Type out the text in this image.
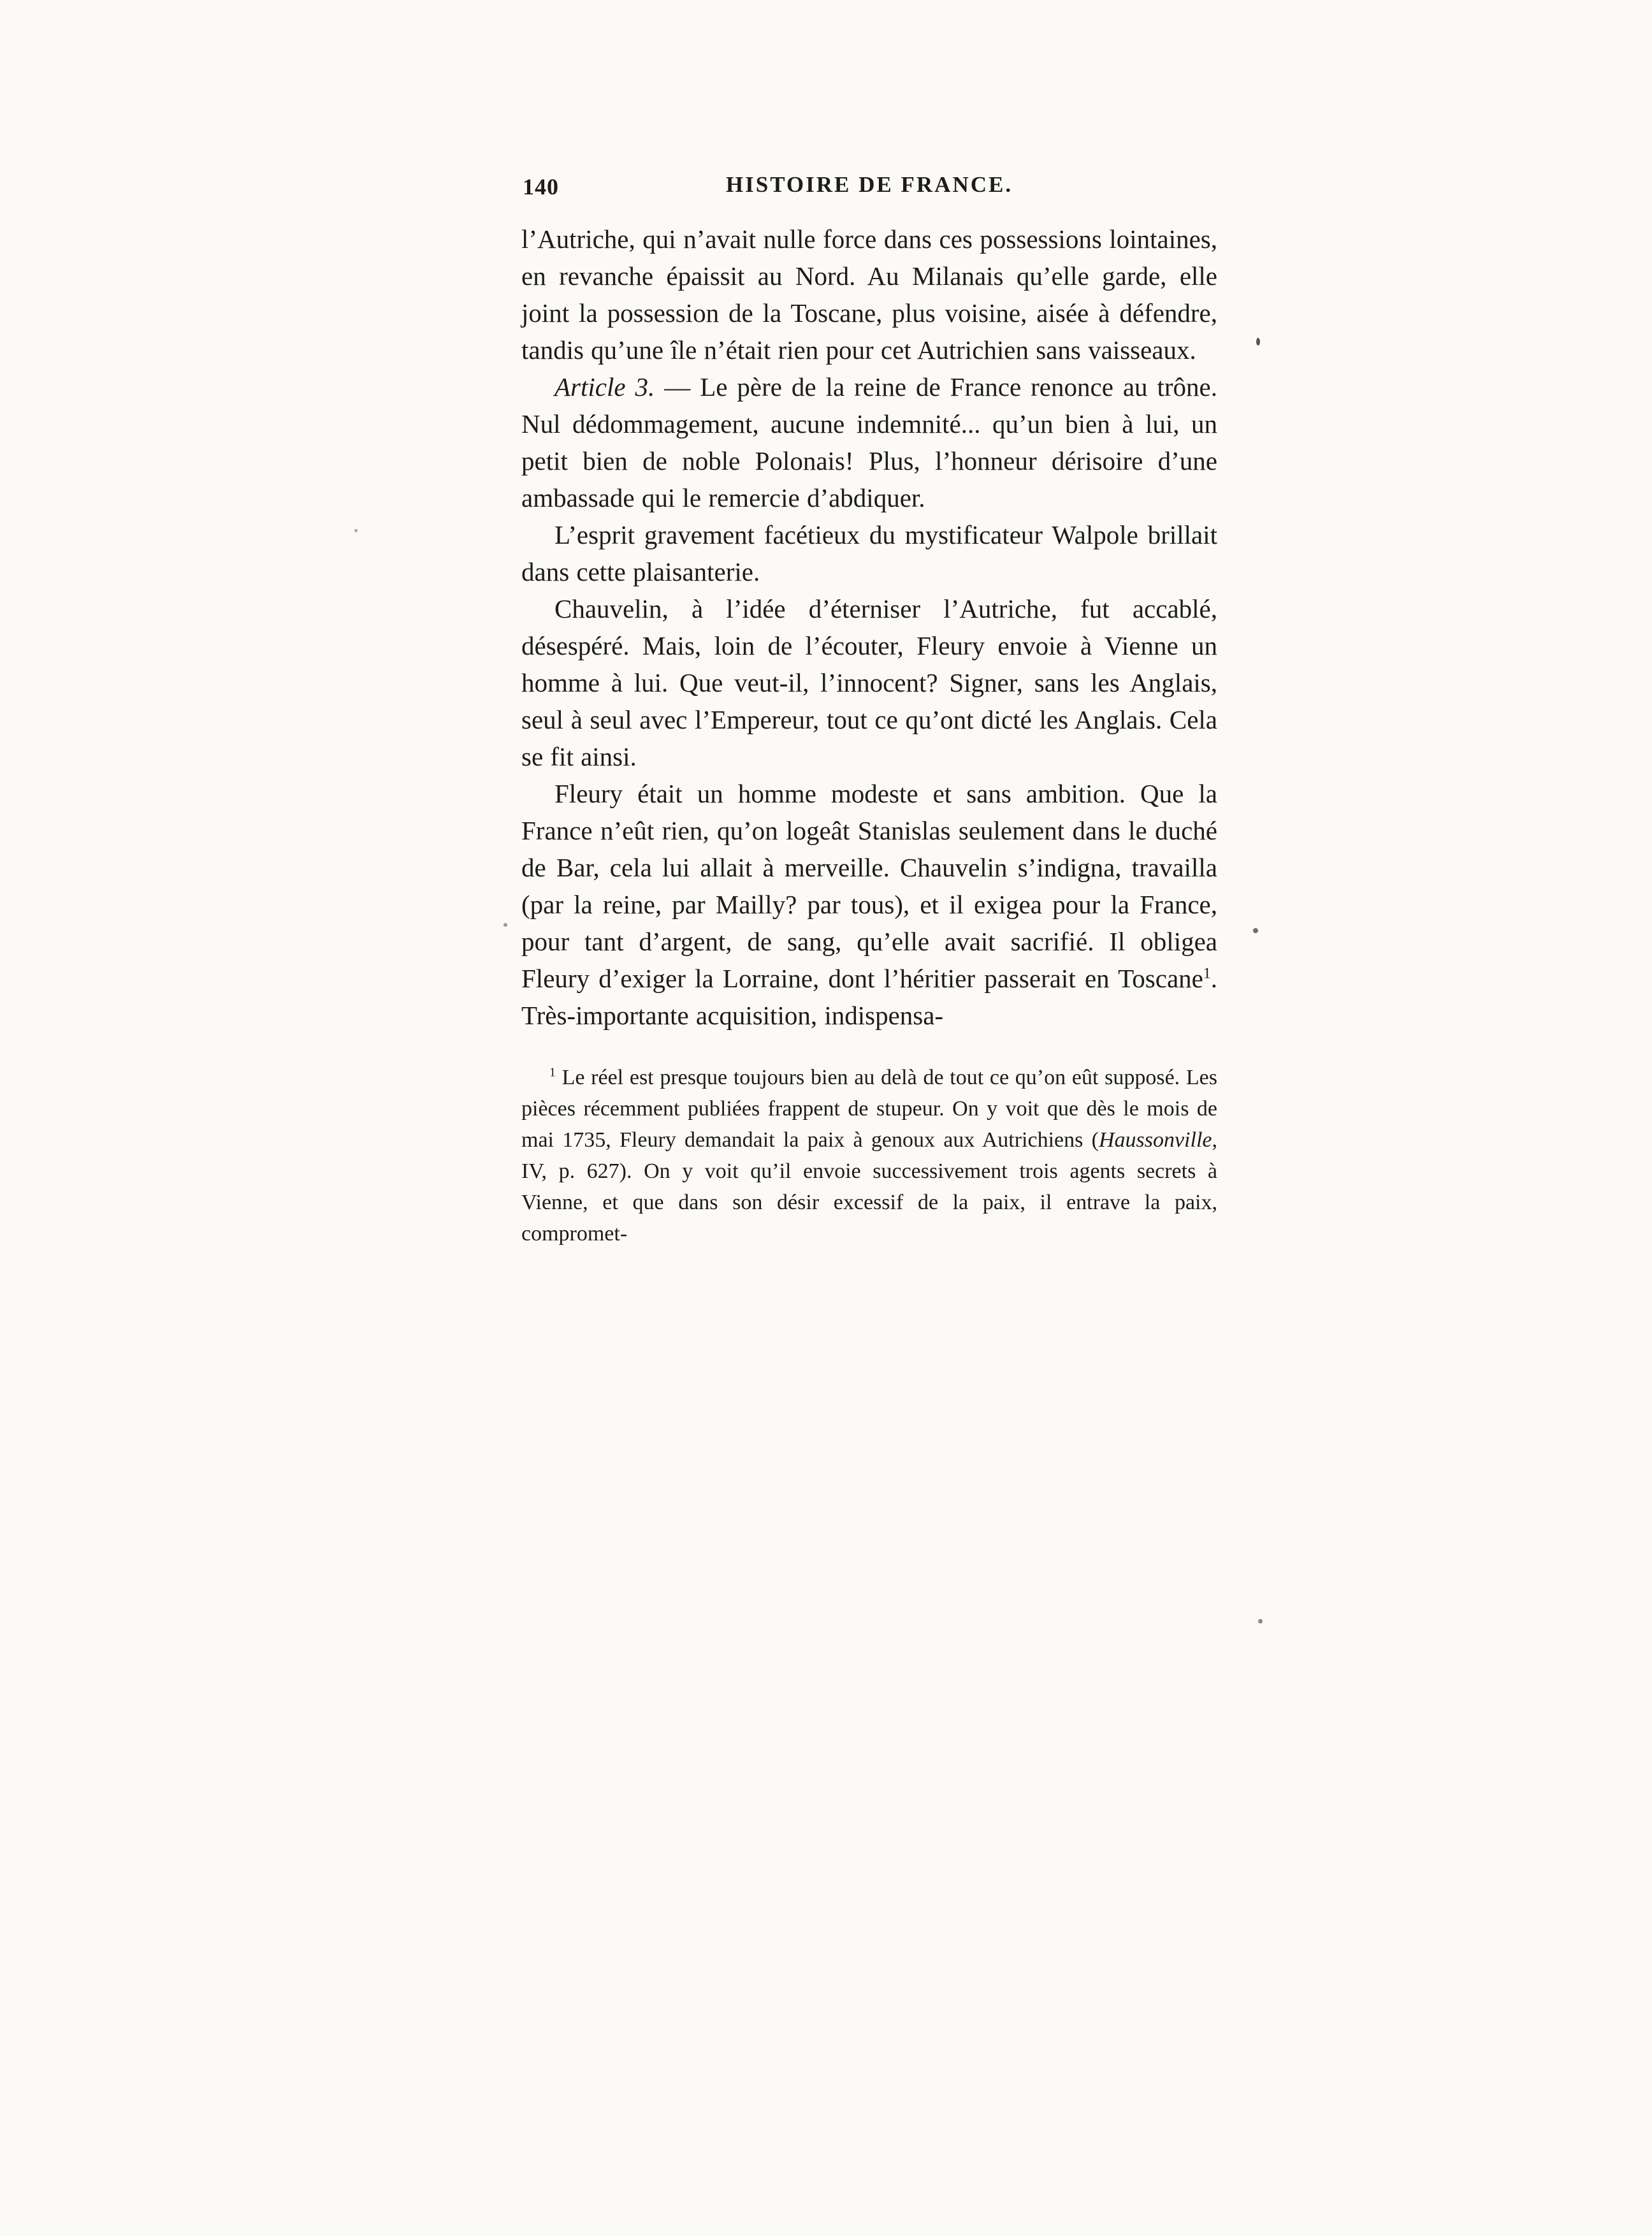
140	HISTOIRE DE FRANCE.

l’Autriche, qui n’avait nulle force dans ces possessions lointaines, en revanche épaissit au Nord. Au Milanais qu’elle garde, elle joint la possession de la Toscane, plus voisine, aisée à défendre, tandis qu’une île n’était rien pour cet Autrichien sans vaisseaux.

Article 3. — Le père de la reine de France renonce au trône. Nul dédommagement, aucune indemnité... qu’un bien à lui, un petit bien de noble Polonais! Plus, l’honneur dérisoire d’une ambassade qui le remercie d’abdiquer.

L’esprit gravement facétieux du mystificateur Walpole brillait dans cette plaisanterie.

Chauvelin, à l’idée d’éterniser l’Autriche, fut accablé, désespéré. Mais, loin de l’écouter, Fleury envoie à Vienne un homme à lui. Que veut-il, l’innocent? Signer, sans les Anglais, seul à seul avec l’Empereur, tout ce qu’ont dicté les Anglais. Cela se fit ainsi.

Fleury était un homme modeste et sans ambition. Que la France n’eût rien, qu’on logeât Stanislas seulement dans le duché de Bar, cela lui allait à merveille. Chauvelin s’indigna, travailla (par la reine, par Mailly? par tous), et il exigea pour la France, pour tant d’argent, de sang, qu’elle avait sacrifié. Il obligea Fleury d’exiger la Lorraine, dont l’héritier passerait en Toscane$^1$. Très-importante acquisition, indispensa-

$^1$ Le réel est presque toujours bien au delà de tout ce qu’on eût supposé. Les pièces récemment publiées frappent de stupeur. On y voit que dès le mois de mai 1735, Fleury demandait la paix à genoux aux Autrichiens (Haussonville, IV, p. 627). On y voit qu’il envoie successivement trois agents secrets à Vienne, et que dans son désir excessif de la paix, il entrave la paix, compromet-
